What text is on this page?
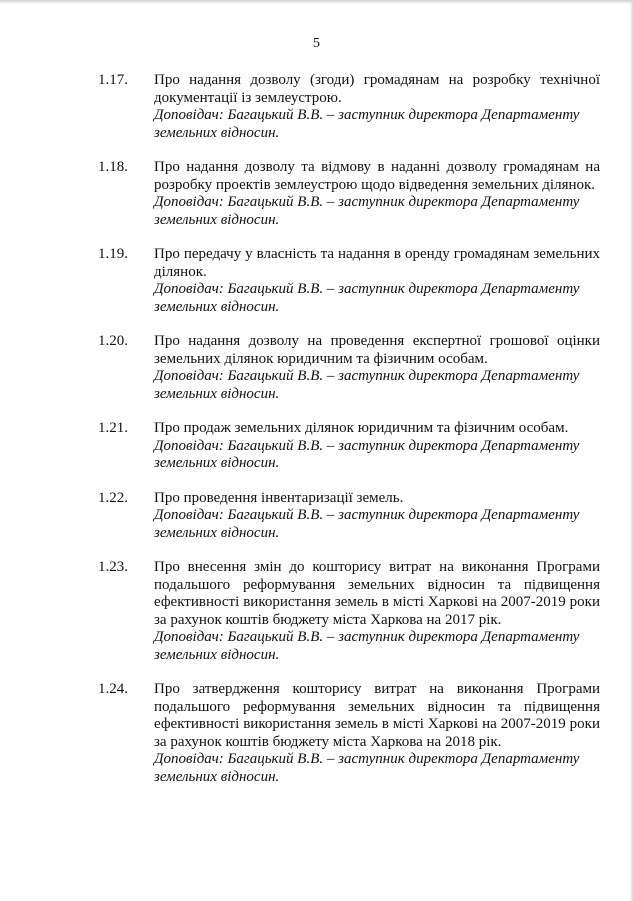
5
1.17. Про надання дозволу (згоди) громадянам на розробку технічної документації із землеустрою.
Доповідач: Багацький В.В. – заступник директора Департаменту земельних відносин.
1.18. Про надання дозволу та відмову в наданні дозволу громадянам на розробку проектів землеустрою щодо відведення земельних ділянок.
Доповідач: Багацький В.В. – заступник директора Департаменту земельних відносин.
1.19. Про передачу у власність та надання в оренду громадянам земельних ділянок.
Доповідач: Багацький В.В. – заступник директора Департаменту земельних відносин.
1.20. Про надання дозволу на проведення експертної грошової оцінки земельних ділянок юридичним та фізичним особам.
Доповідач: Багацький В.В. – заступник директора Департаменту земельних відносин.
1.21. Про продаж земельних ділянок юридичним та фізичним особам.
Доповідач: Багацький В.В. – заступник директора Департаменту земельних відносин.
1.22. Про проведення інвентаризації земель.
Доповідач: Багацький В.В. – заступник директора Департаменту земельних відносин.
1.23. Про внесення змін до кошторису витрат на виконання Програми подальшого реформування земельних відносин та підвищення ефективності використання земель в місті Харкові на 2007-2019 роки за рахунок коштів бюджету міста Харкова на 2017 рік.
Доповідач: Багацький В.В. – заступник директора Департаменту земельних відносин.
1.24. Про затвердження кошторису витрат на виконання Програми подальшого реформування земельних відносин та підвищення ефективності використання земель в місті Харкові на 2007-2019 роки за рахунок коштів бюджету міста Харкова на 2018 рік.
Доповідач: Багацький В.В. – заступник директора Департаменту земельних відносин.
